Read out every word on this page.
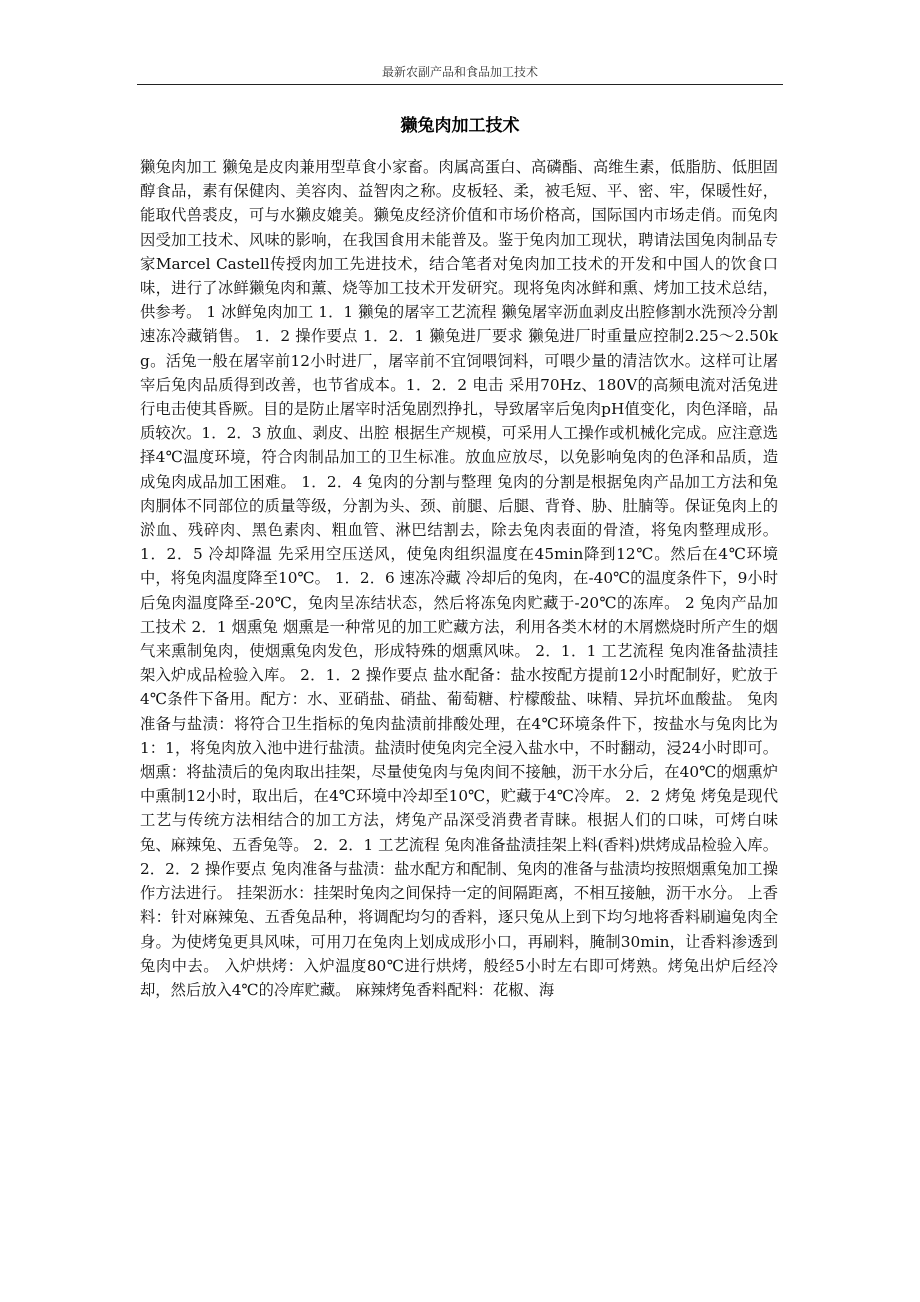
最新农副产品和食品加工技术
獭兔肉加工技术
獭兔肉加工 獭兔是皮肉兼用型草食小家畜。肉属高蛋白、高磷酯、高维生素，低脂肪、低胆固醇食品，素有保健肉、美容肉、益智肉之称。皮板轻、柔，被毛短、平、密、牢，保暖性好，能取代兽裘皮，可与水獭皮媲美。獭兔皮经济价值和市场价格高，国际国内市场走俏。而兔肉因受加工技术、风味的影响，在我国食用未能普及。鉴于兔肉加工现状，聘请法国兔肉制品专家Marcel Castell传授肉加工先进技术，结合笔者对兔肉加工技术的开发和中国人的饮食口味，进行了冰鲜獭兔肉和薰、烧等加工技术开发研究。现将兔肉冰鲜和熏、烤加工技术总结，供参考。 1 冰鲜兔肉加工 1．1 獭兔的屠宰工艺流程 獭兔屠宰沥血剥皮出腔修割水洗预冷分割速冻冷藏销售。 1．2 操作要点 1．2．1 獭兔进厂要求 獭兔进厂时重量应控制2.25～2.50kg。活兔一般在屠宰前12小时进厂，屠宰前不宜饲喂饲料，可喂少量的清洁饮水。这样可让屠宰后兔肉品质得到改善，也节省成本。1．2．2 电击 采用70Hz、180V的高频电流对活兔进行电击使其昏厥。目的是防止屠宰时活兔剧烈挣扎，导致屠宰后兔肉pH值变化，肉色泽暗，品质较次。1．2．3 放血、剥皮、出腔 根据生产规模，可采用人工操作或机械化完成。应注意选择4℃温度环境，符合肉制品加工的卫生标准。放血应放尽，以免影响兔肉的色泽和品质，造成兔肉成品加工困难。 1．2．4 兔肉的分割与整理 兔肉的分割是根据兔肉产品加工方法和兔肉胴体不同部位的质量等级，分割为头、颈、前腿、后腿、背脊、胁、肚腩等。保证兔肉上的淤血、残碎肉、黑色素肉、粗血管、淋巴结割去，除去兔肉表面的骨渣，将兔肉整理成形。 1．2．5 冷却降温 先采用空压送风，使兔肉组织温度在45min降到12℃。然后在4℃环境中，将兔肉温度降至10℃。 1．2．6 速冻冷藏 冷却后的兔肉，在-40℃的温度条件下，9小时后兔肉温度降至-20℃，兔肉呈冻结状态，然后将冻兔肉贮藏于-20℃的冻库。 2 兔肉产品加工技术 2．1 烟熏兔 烟熏是一种常见的加工贮藏方法，利用各类木材的木屑燃烧时所产生的烟气来熏制兔肉，使烟熏兔肉发色，形成特殊的烟熏风味。 2．1．1 工艺流程 兔肉准备盐渍挂架入炉成品检验入库。 2．1．2 操作要点 盐水配备：盐水按配方提前12小时配制好，贮放于4℃条件下备用。配方：水、亚硝盐、硝盐、葡萄糖、柠檬酸盐、味精、异抗坏血酸盐。 兔肉准备与盐渍：将符合卫生指标的兔肉盐渍前排酸处理，在4℃环境条件下，按盐水与兔肉比为 1：1，将兔肉放入池中进行盐渍。盐渍时使兔肉完全浸入盐水中，不时翻动，浸24小时即可。 烟熏：将盐渍后的兔肉取出挂架，尽量使兔肉与兔肉间不接触，沥干水分后，在40℃的烟熏炉中熏制12小时，取出后，在4℃环境中冷却至10℃，贮藏于4℃冷库。 2．2 烤兔 烤兔是现代工艺与传统方法相结合的加工方法，烤兔产品深受消费者青睐。根据人们的口味，可烤白味兔、麻辣兔、五香兔等。 2．2．1 工艺流程 兔肉准备盐渍挂架上料(香料)烘烤成品检验入库。 2．2．2 操作要点 兔肉准备与盐渍：盐水配方和配制、兔肉的准备与盐渍均按照烟熏兔加工操作方法进行。 挂架沥水：挂架时兔肉之间保持一定的间隔距离，不相互接触，沥干水分。 上香料：针对麻辣兔、五香兔品种，将调配均匀的香料，逐只兔从上到下均匀地将香料刷遍兔肉全身。为使烤兔更具风味，可用刀在兔肉上划成成形小口，再刷料，腌制30min，让香料渗透到兔肉中去。 入炉烘烤：入炉温度80℃进行烘烤，般经5小时左右即可烤熟。烤兔出炉后经冷却，然后放入4℃的冷库贮藏。 麻辣烤兔香料配料：花椒、海
